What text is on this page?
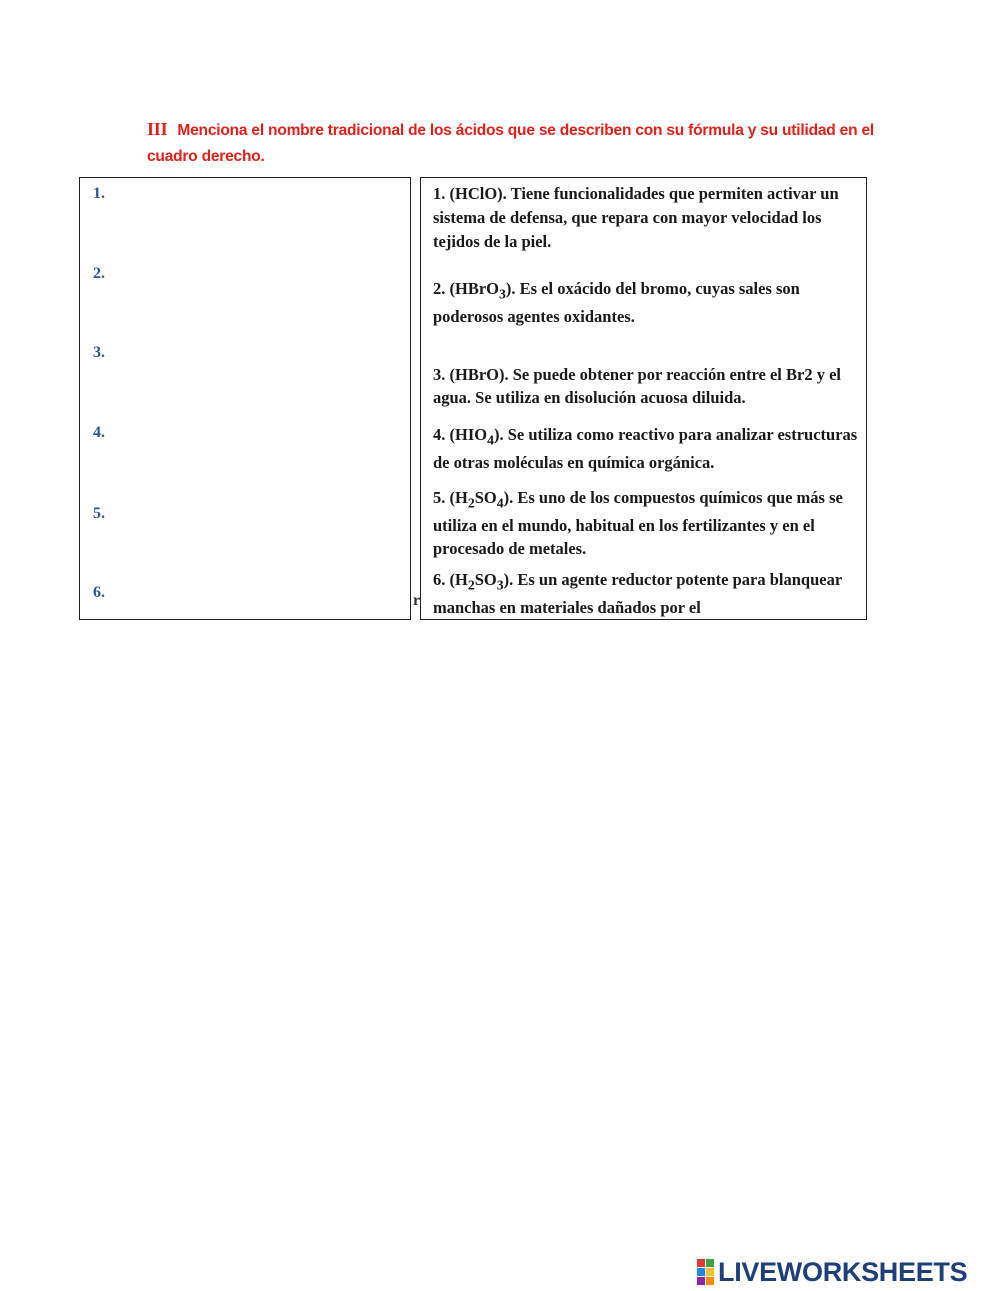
III Menciona el nombre tradicional de los ácidos que se describen con su fórmula y su utilidad en el cuadro derecho.
1.
2.
3.
4.
5.
6.	r
1. (HClO). Tiene funcionalidades que permiten activar un sistema de defensa, que repara con mayor velocidad los tejidos de la piel.
2. (HBrO$_3$). Es el oxácido del bromo, cuyas sales son poderosos agentes oxidantes.
3. (HBrO). Se puede obtener por reacción entre el Br2 y el agua. Se utiliza en disolución acuosa diluida.
4. $(HIO_4)$. Se utiliza como reactivo para analizar estructuras de otras moléculas en química orgánica.
5. $(H_2SO_4)$. Es uno de los compuestos químicos que más se utiliza en el mundo, habitual en los fertilizantes y en el procesado de metales.
6. $(H_2SO_3)$. Es un agente reductor potente para blanquear manchas en materiales dañados por el
LIVEWORKSHEETS
